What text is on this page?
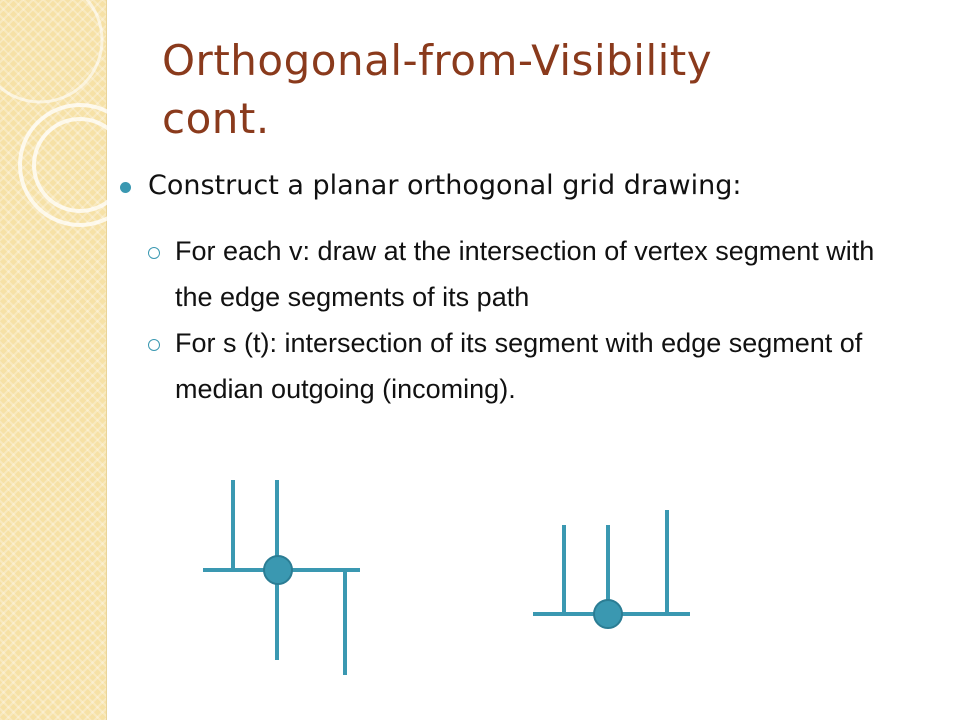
Orthogonal-from-Visibility
cont.
Construct a planar orthogonal grid drawing:
For each v: draw at the intersection of vertex segment with the edge segments of its path
For s (t): intersection of its segment with edge segment of median outgoing (incoming).
